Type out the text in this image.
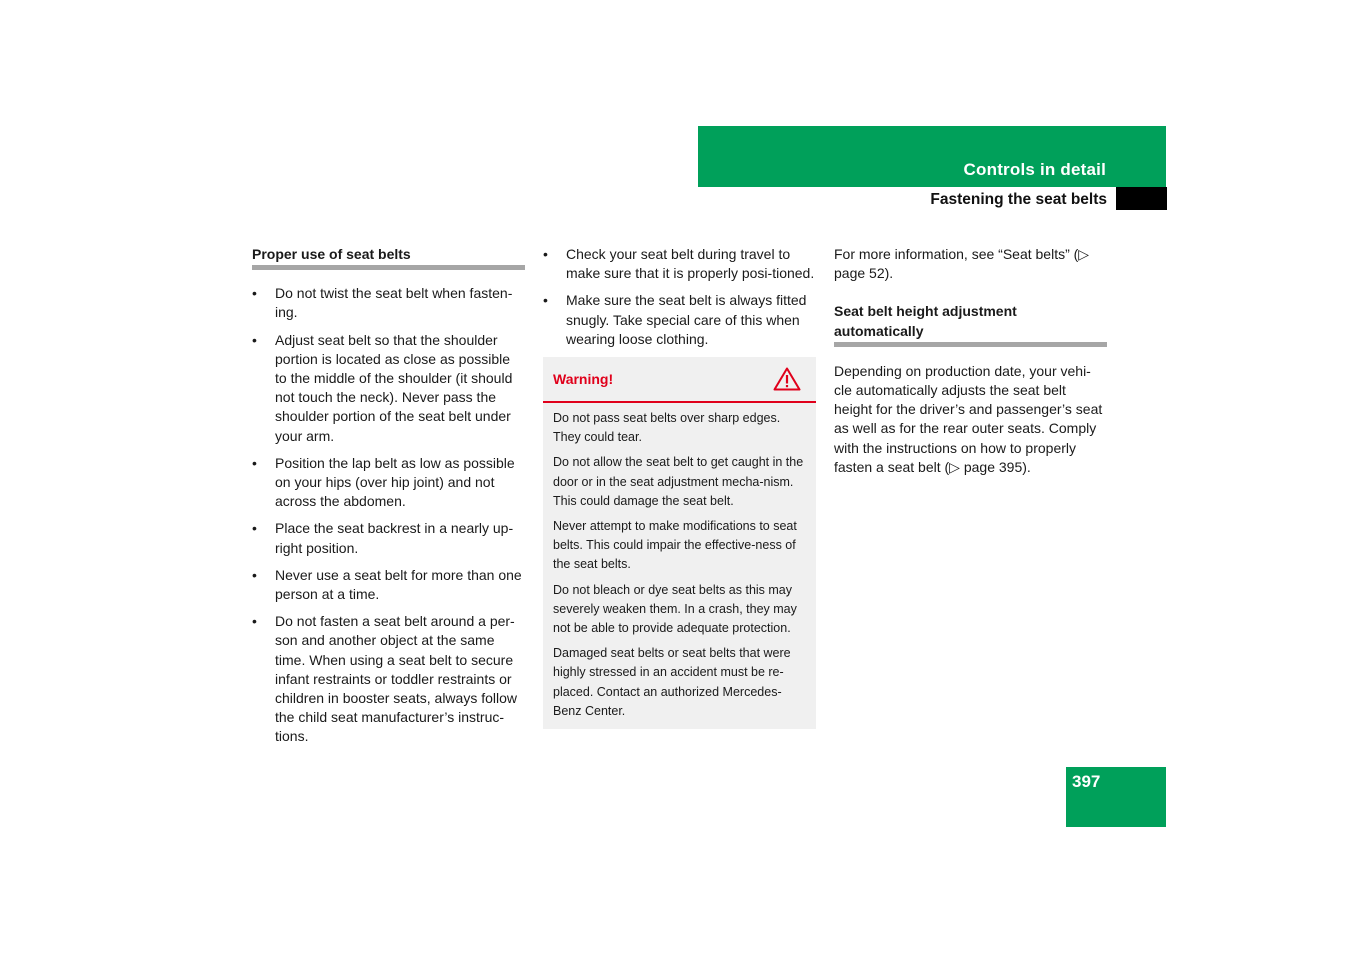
Controls in detail
Fastening the seat belts
Proper use of seat belts
• Do not twist the seat belt when fasten-ing.
• Adjust seat belt so that the shoulder portion is located as close as possible to the middle of the shoulder (it should not touch the neck). Never pass the shoulder portion of the seat belt under your arm.
• Position the lap belt as low as possible on your hips (over hip joint) and not across the abdomen.
• Place the seat backrest in a nearly up-right position.
• Never use a seat belt for more than one person at a time.
• Do not fasten a seat belt around a per-son and another object at the same time. When using a seat belt to secure infant restraints or toddler restraints or children in booster seats, always follow the child seat manufacturer’s instruc-tions.
• Check your seat belt during travel to make sure that it is properly posi-tioned.
• Make sure the seat belt is always fitted snugly. Take special care of this when wearing loose clothing.
Warning!

Do not pass seat belts over sharp edges. They could tear.

Do not allow the seat belt to get caught in the door or in the seat adjustment mecha-nism. This could damage the seat belt.

Never attempt to make modifications to seat belts. This could impair the effective-ness of the seat belts.

Do not bleach or dye seat belts as this may severely weaken them. In a crash, they may not be able to provide adequate protection.

Damaged seat belts or seat belts that were highly stressed in an accident must be re-placed. Contact an authorized Mercedes-Benz Center.

For more information, see “Seat belts” (▷ page 52).

Seat belt height adjustment automatically

Depending on production date, your vehi-cle automatically adjusts the seat belt height for the driver’s and passenger’s seat as well as for the rear outer seats. Comply with the instructions on how to properly fasten a seat belt (▷ page 395).

397
